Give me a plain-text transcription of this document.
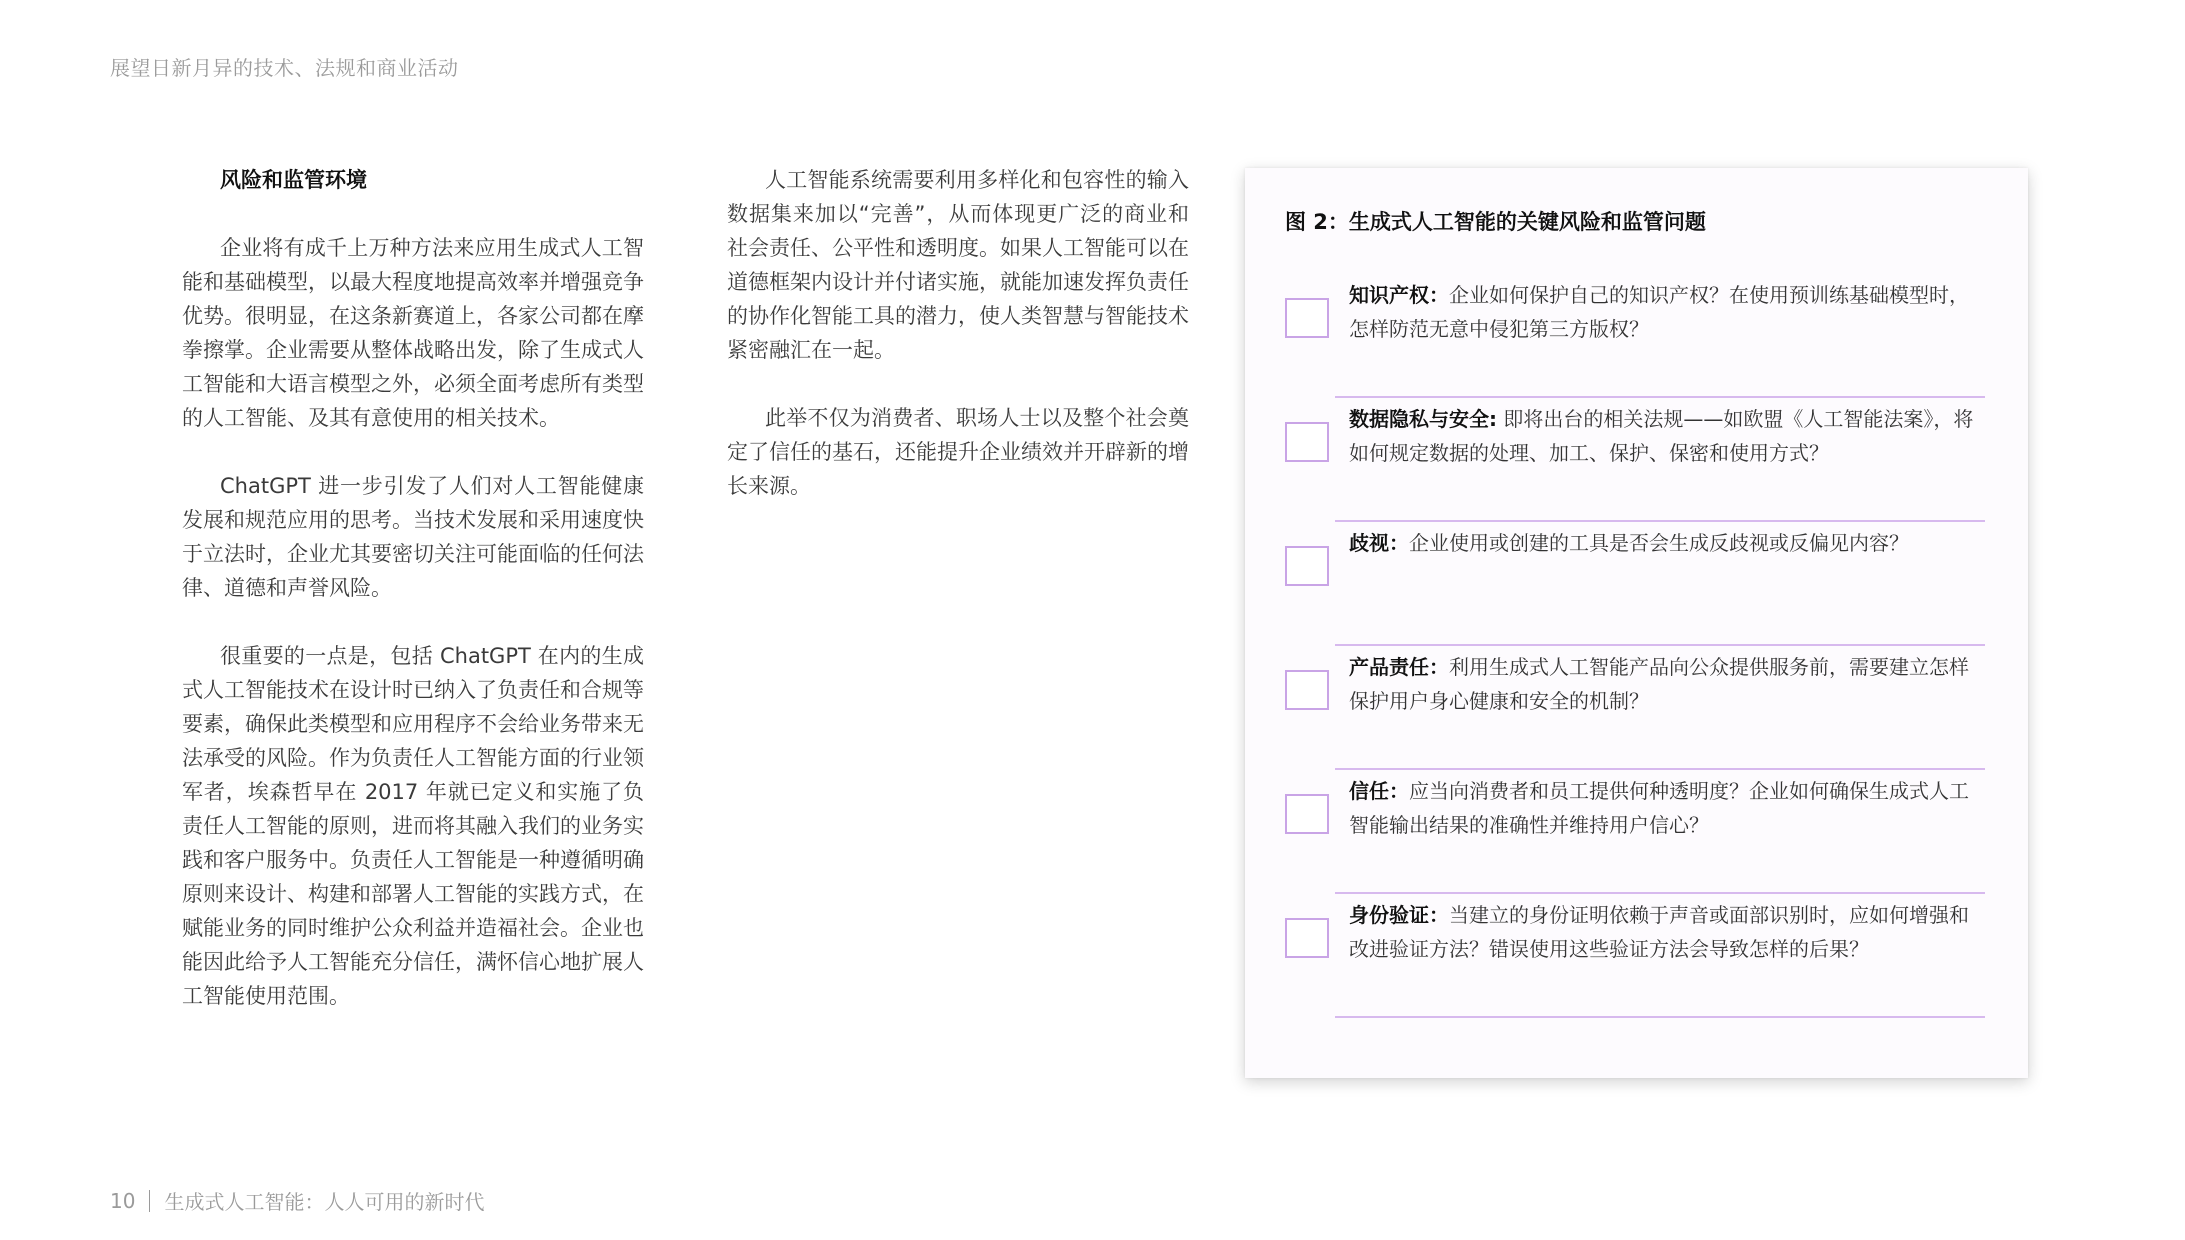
展望日新月异的技术、法规和商业活动
风险和监管环境

企业将有成千上万种方法来应用生成式人工智能和基础模型，以最大程度地提高效率并增强竞争优势。很明显，在这条新赛道上，各家公司都在摩拳擦掌。企业需要从整体战略出发，除了生成式人工智能和大语言模型之外，必须全面考虑所有类型的人工智能、及其有意使用的相关技术。

ChatGPT 进一步引发了人们对人工智能健康发展和规范应用的思考。当技术发展和采用速度快于立法时，企业尤其要密切关注可能面临的任何法律、道德和声誉风险。

很重要的一点是，包括 ChatGPT 在内的生成式人工智能技术在设计时已纳入了负责任和合规等要素，确保此类模型和应用程序不会给业务带来无法承受的风险。作为负责任人工智能方面的行业领军者，埃森哲早在 2017 年就已定义和实施了负责任人工智能的原则，进而将其融入我们的业务实践和客户服务中。负责任人工智能是一种遵循明确原则来设计、构建和部署人工智能的实践方式，在赋能业务的同时维护公众利益并造福社会。企业也能因此给予人工智能充分信任，满怀信心地扩展人工智能使用范围。

人工智能系统需要利用多样化和包容性的输入数据集来加以“完善”，从而体现更广泛的商业和社会责任、公平性和透明度。如果人工智能可以在道德框架内设计并付诸实施，就能加速发挥负责任的协作化智能工具的潜力，使人类智慧与智能技术紧密融汇在一起。

此举不仅为消费者、职场人士以及整个社会奠定了信任的基石，还能提升企业绩效并开辟新的增长来源。

图 2：生成式人工智能的关键风险和监管问题
知识产权：企业如何保护自己的知识产权？在使用预训练基础模型时，怎样防范无意中侵犯第三方版权？
数据隐私与安全: 即将出台的相关法规——如欧盟《人工智能法案》，将如何规定数据的处理、加工、保护、保密和使用方式？
歧视：企业使用或创建的工具是否会生成反歧视或反偏见内容？
产品责任：利用生成式人工智能产品向公众提供服务前，需要建立怎样保护用户身心健康和安全的机制？
信任：应当向消费者和员工提供何种透明度？企业如何确保生成式人工智能输出结果的准确性并维持用户信心？
身份验证：当建立的身份证明依赖于声音或面部识别时，应如何增强和改进验证方法？错误使用这些验证方法会导致怎样的后果？
10 生成式人工智能：人人可用的新时代
